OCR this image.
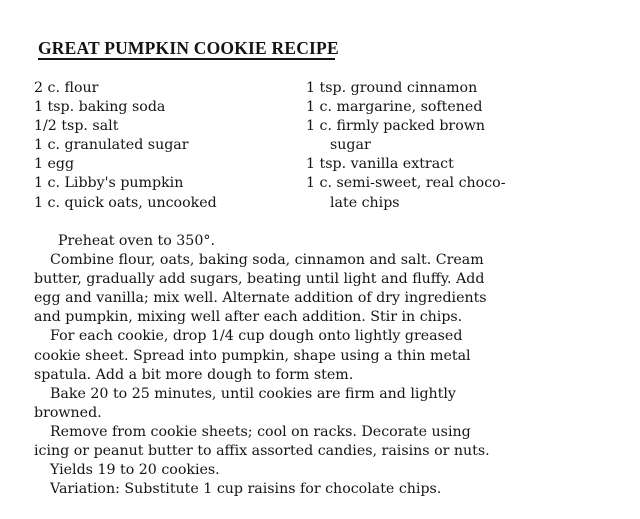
GREAT PUMPKIN COOKIE RECIPE
2 c. flour
1 tsp. baking soda
1/2 tsp. salt
1 c. granulated sugar
1 egg
1 c. Libby's pumpkin
1 c. quick oats, uncooked
1 tsp. ground cinnamon
1 c. margarine, softened
1 c. firmly packed brown
sugar
1 tsp. vanilla extract
1 c. semi-sweet, real choco-
late chips
Preheat oven to 350°.
Combine flour, oats, baking soda, cinnamon and salt. Cream
butter, gradually add sugars, beating until light and fluffy. Add
egg and vanilla; mix well. Alternate addition of dry ingredients
and pumpkin, mixing well after each addition. Stir in chips.
For each cookie, drop 1/4 cup dough onto lightly greased
cookie sheet. Spread into pumpkin, shape using a thin metal
spatula. Add a bit more dough to form stem.
Bake 20 to 25 minutes, until cookies are firm and lightly
browned.
Remove from cookie sheets; cool on racks. Decorate using
icing or peanut butter to affix assorted candies, raisins or nuts.
Yields 19 to 20 cookies.
Variation: Substitute 1 cup raisins for chocolate chips.
